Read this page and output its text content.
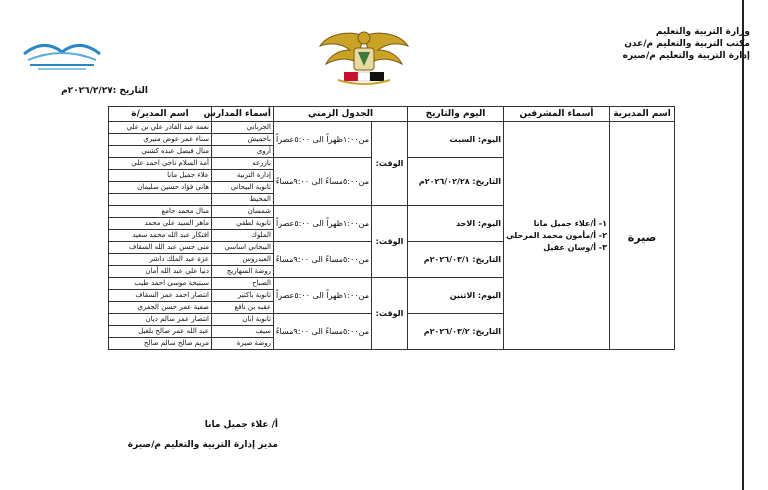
وزارة التربية والتعليم
مكتب التربية والتعليم م/عدن
إدارة التربية والتعليم م/صيره
التاريخ :٢٠٢٦/٢/٢٧م
اسم المديرية	أسماء المشرفين	اليوم والتاريخ	الجدول الزمني		أسماء المدارس	اسم المدير/ة
صيرة	١- أ/علاء جميل مانا
٢- أ/مأمون محمد المرحلي
٣- أ/وسان عقيل	اليوم: السبت	الوقت:	من١:٠٠ظهراً الى ٥:٠٠عصراً	الجرباني	نعمة عبد القادر علي بن علي
					باحميش	سناء عمر عوض منيري
					أروى	منال فيصل عبده كشني
		التاريخ: ٢٠٢٦/٠٢/٢٨م		من٥:٠٠مساءً الى ٩:٠٠مساءً	بازرعه	أمة السلام ناجي احمد علي
					إدارة التربية	علاء جميل مانا
					ثانوية البيحاني	هاني فؤاد حسين سليمان
					المحيط	
		اليوم: الاحد	الوقت:	من١:٠٠ظهراً الى ٥:٠٠عصراً	شمسان	منال محمد جامع
					ثانوية لطفي	ماهر السيد علي محمد
					الملوك	افتكار عبد الله محمد سعيد
		التاريخ: ٢٠٢٦/٠٣/١م		من٥:٠٠مساءً الى ٩:٠٠مساءً	البيحاني اساسي	منى حسن عبد الله السقاف
					العيدروس	عزة عبد الملك داشر
					روضة السهاريج	دنيا علي عبد الله أمان
		اليوم: الاثنين	الوقت:	من١:٠٠ظهراً الى ٥:٠٠عصراً	الصباح	سبتيحة موسى احمد طيب
					ثانوية باكثير	انتصار احمد عمر السقاف
					عقبه بن نافع	صفية عمر حسن الجفري
		التاريخ: ٢٠٢٦/٠٣/٢م		من٥:٠٠مساءً الى ٩:٠٠مساءً	ثانوية ابان	انتصار عمر سالم ديان
					سيف	عبد الله عمر صالح بلغيل
					روضة صيرة	مريم صالح سالم صالح
أ/ علاء جميل مانا
مدير إدارة التربية والتعليم م/صيرة
